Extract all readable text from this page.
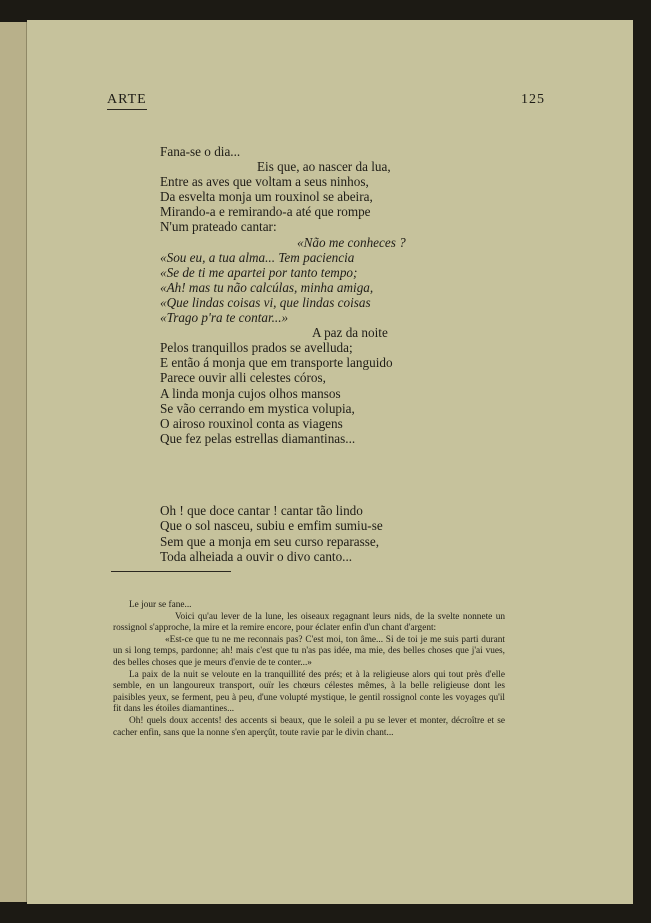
ARTE	125
Fana-se o dia...
Eis que, ao nascer da lua,
Entre as aves que voltam a seus ninhos,
Da esvelta monja um rouxinol se abeira,
Mirando-a e remirando-a até que rompe
N'um prateado cantar:
«Não me conheces ?
«Sou eu, a tua alma... Tem paciencia
«Se de ti me apartei por tanto tempo;
«Ah! mas tu não calcúlas, minha amiga,
«Que lindas coisas vi, que lindas coisas
«Trago p'ra te contar...»
A paz da noite
Pelos tranquillos prados se avelluda;
E então á monja que em transporte languido
Parece ouvir alli celestes córos,
A linda monja cujos olhos mansos
Se vão cerrando em mystica volupia,
O airoso rouxinol conta as viagens
Que fez pelas estrellas diamantinas...
Oh ! que doce cantar ! cantar tão lindo
Que o sol nasceu, subiu e emfim sumiu-se
Sem que a monja em seu curso reparasse,
Toda alheiada a ouvir o divo canto...

Le jour se fane...

Voici qu'au lever de la lune, les oiseaux regagnant leurs nids, de la svelte nonnete un rossignol s'approche, la mire et la remire encore, pour éclater enfin d'un chant d'argent:

«Est-ce que tu ne me reconnais pas? C'est moi, ton âme... Si de toi je me suis parti durant un si long temps, pardonne; ah! mais c'est que tu n'as pas idée, ma mie, des belles choses que j'ai vues, des belles choses que je meurs d'envie de te conter...»

La paix de la nuit se veloute en la tranquillité des prés; et à la religieuse alors qui tout près d'elle semble, en un langoureux transport, ouïr les chœurs célestes mêmes, à la belle religieuse dont les paisibles yeux, se ferment, peu à peu, d'une volupté mystique, le gentil rossignol conte les voyages qu'il fit dans les étoiles diamantines...

Oh! quels doux accents! des accents si beaux, que le soleil a pu se lever et monter, décroître et se cacher enfin, sans que la nonne s'en aperçût, toute ravie par le divin chant...
